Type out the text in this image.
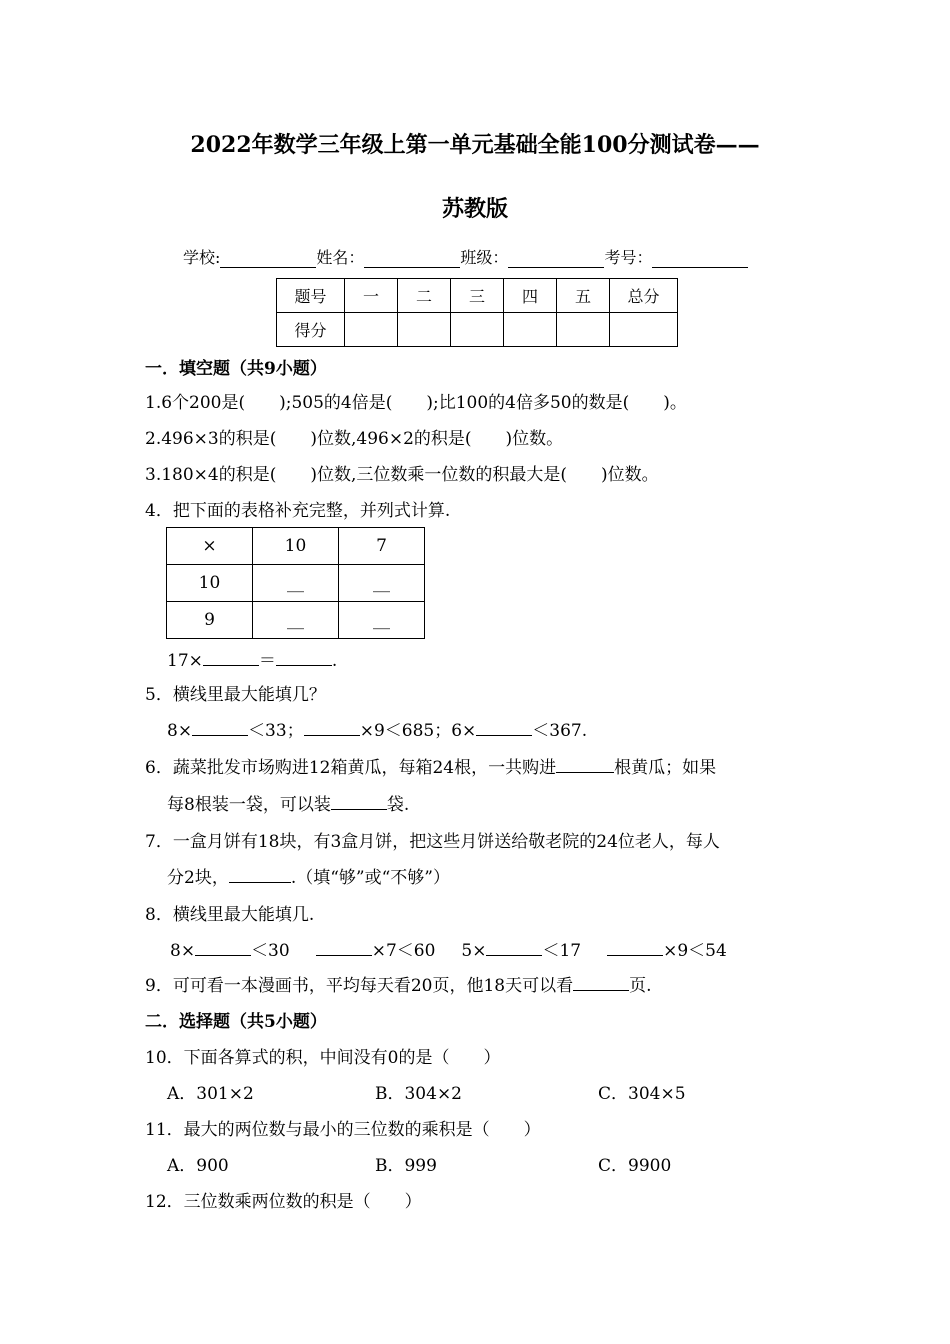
2022年数学三年级上第一单元基础全能100分测试卷——
苏教版
学校:	姓名：	班级：	考号：
题号	一	二	三	四	五	总分
得分						
一．填空题（共9小题）
1.6个200是(　　);505的4倍是(　　);比100的4倍多50的数是(　　)。
2.496×3的积是(　　)位数,496×2的积是(　　)位数。
3.180×4的积是(　　)位数,三位数乘一位数的积最大是(　　)位数。
4．把下面的表格补充完整，并列式计算.
×	10	7
10	__	__
9	__	__
17×	＝	.
5．横线里最大能填几？
8×	＜33；	×9＜685；6×	＜367.
6．蔬菜批发市场购进12箱黄瓜，每箱24根，一共购进	根黄瓜；如果
每8根装一袋，可以装	袋.
7．一盒月饼有18块，有3盒月饼，把这些月饼送给敬老院的24位老人，每人
分2块，	.（填“够”或“不够”）
8．横线里最大能填几.
8×	＜30	×7＜60 5×	＜17	×9＜54
9．可可看一本漫画书，平均每天看20页，他18天可以看	页.
二．选择题（共5小题）
10．下面各算式的积，中间没有0的是（　　）
A．301×2	B．304×2	C．304×5
11．最大的两位数与最小的三位数的乘积是（　　）
A．900	B．999	C．9900
12．三位数乘两位数的积是（　　）
